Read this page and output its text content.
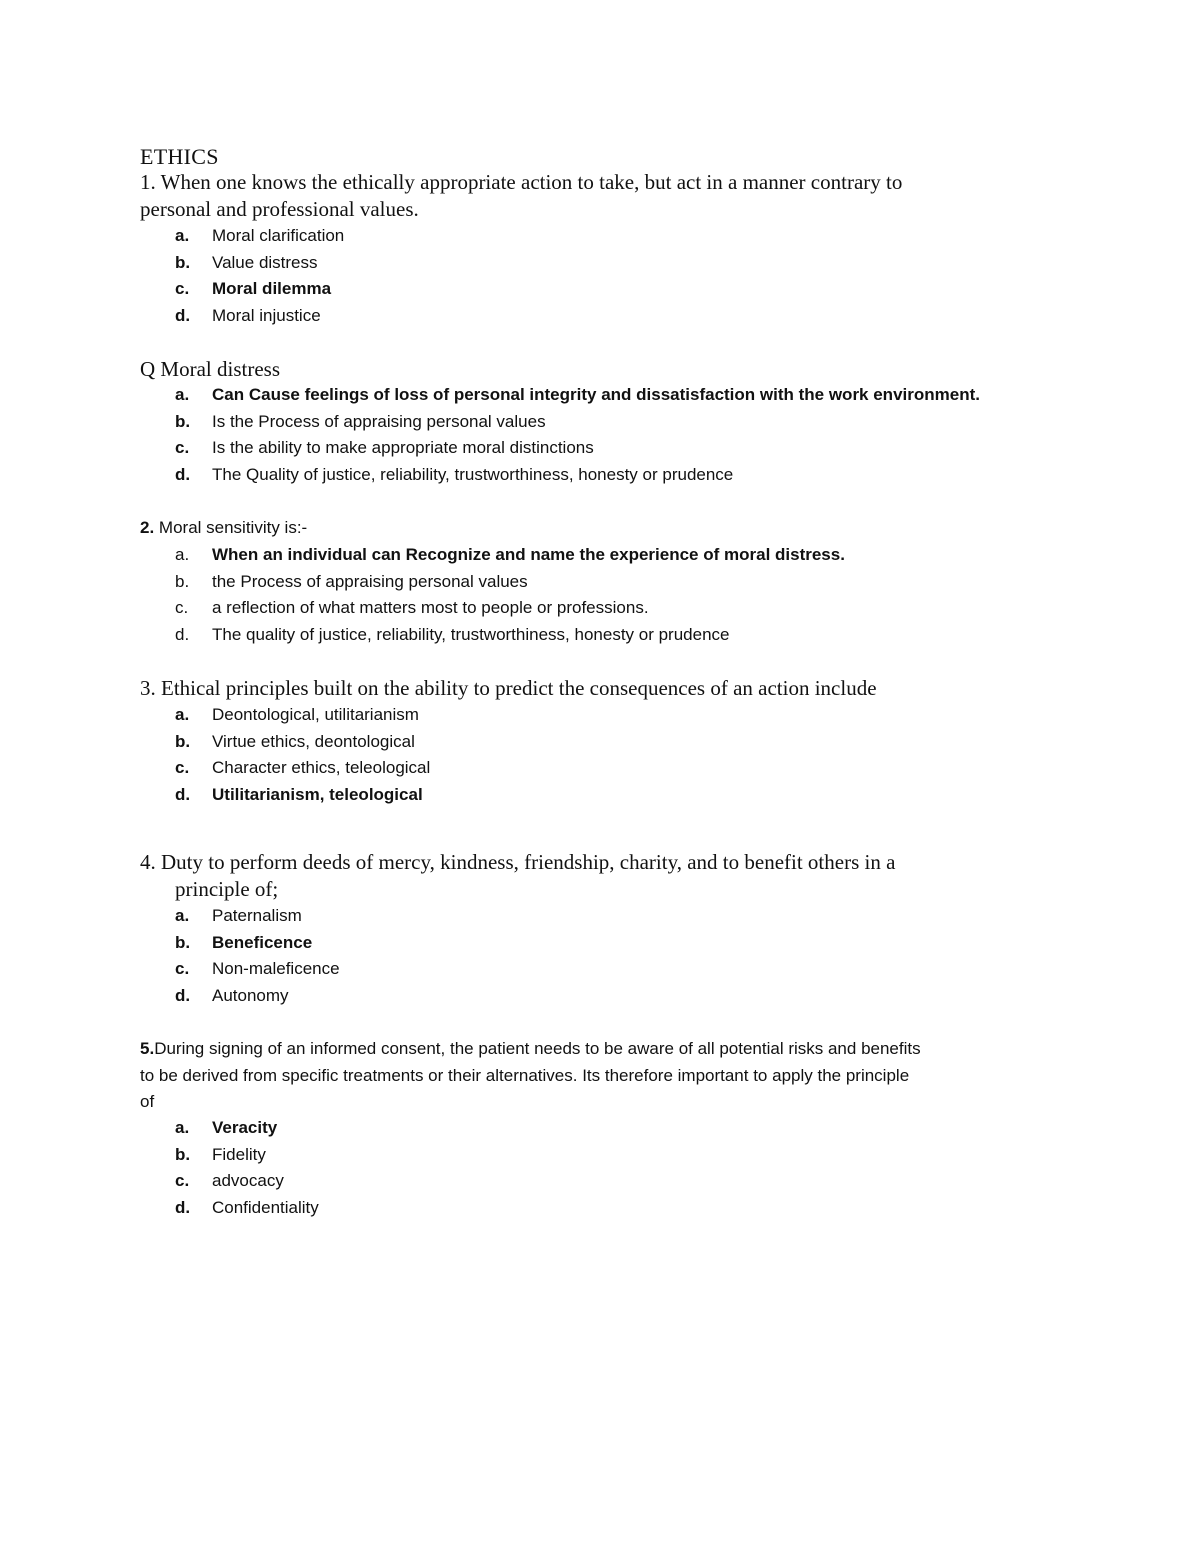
ETHICS
1. When one knows the ethically appropriate action to take, but act in a manner contrary to
personal and professional values.
a. Moral clarification
b. Value distress
c. Moral dilemma
d. Moral injustice
Q Moral distress
a. Can Cause feelings of loss of personal integrity and dissatisfaction with the work environment.
b. Is the Process of appraising personal values
c. Is the ability to make appropriate moral distinctions
d. The Quality of justice, reliability, trustworthiness, honesty or prudence
2. Moral sensitivity is:-
a. When an individual can Recognize and name the experience of moral distress.
b. the Process of appraising personal values
c. a reflection of what matters most to people or professions.
d. The quality of justice, reliability, trustworthiness, honesty or prudence
3. Ethical principles built on the ability to predict the consequences of an action include
a. Deontological, utilitarianism
b. Virtue ethics, deontological
c. Character ethics, teleological
d. Utilitarianism, teleological
4. Duty to perform deeds of mercy, kindness, friendship, charity, and to benefit others in a
principle of;
a. Paternalism
b. Beneficence
c. Non-maleficence
d. Autonomy
5.During signing of an informed consent, the patient needs to be aware of all potential risks and benefits
to be derived from specific treatments or their alternatives. Its therefore important to apply the principle
of
a. Veracity
b. Fidelity
c. advocacy
d. Confidentiality
